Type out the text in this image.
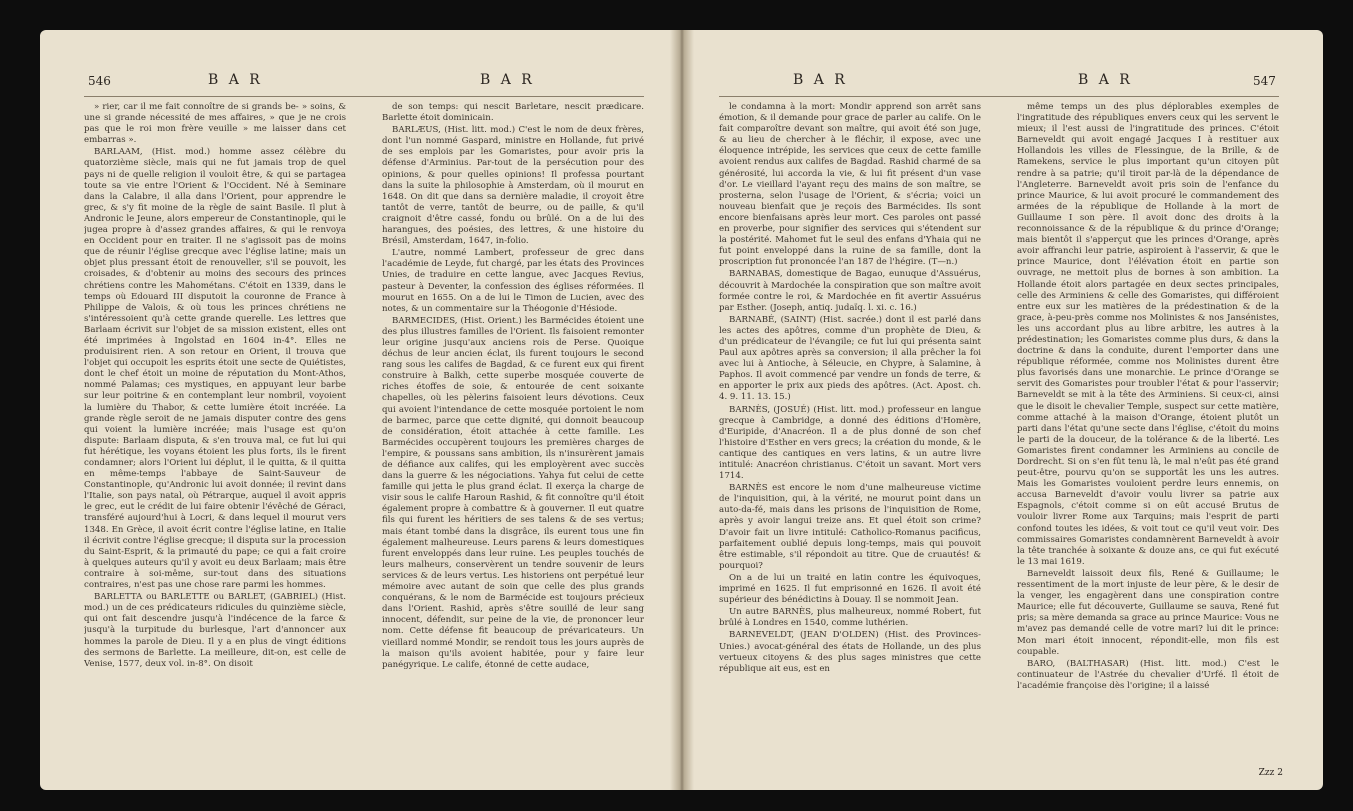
546	B A R	B A R

» rier, car il me fait connoître de si grands be- » soins, & une si grande nécessité de mes affaires, » que je ne crois pas que le roi mon frère veuille » me laisser dans cet embarras ».

BARLAAM, (Hist. mod.) homme assez célèbre du quatorzième siècle, mais qui ne fut jamais trop de quel pays ni de quelle religion il vouloit être, & qui se partagea toute sa vie entre l'Orient & l'Occident. Né à Seminare dans la Calabre, il alla dans l'Orient, pour apprendre le grec, & s'y fit moine de la règle de saint Basile. Il plut à Andronic le Jeune, alors empereur de Constantinople, qui le jugea propre à d'assez grandes affaires, & qui le renvoya en Occident pour en traiter. Il ne s'agissoit pas de moins que de réunir l'église grecque avec l'église latine; mais un objet plus pressant étoit de renouveller, s'il se pouvoit, les croisades, & d'obtenir au moins des secours des princes chrétiens contre les Mahométans. C'étoit en 1339, dans le temps où Edouard III disputoit la couronne de France à Philippe de Valois, & où tous les princes chrétiens ne s'intéressoient qu'à cette grande querelle. Les lettres que Barlaam écrivit sur l'objet de sa mission existent, elles ont été imprimées à Ingolstad en 1604 in-4°. Elles ne produisirent rien. A son retour en Orient, il trouva que l'objet qui occupoit les esprits étoit une secte de Quiétistes, dont le chef étoit un moine de réputation du Mont-Athos, nommé Palamas; ces mystiques, en appuyant leur barbe sur leur poitrine & en contemplant leur nombril, voyoient la lumière du Thabor, & cette lumière étoit incréée. La grande règle seroit de ne jamais disputer contre des gens qui voient la lumière incréée; mais l'usage est qu'on dispute: Barlaam disputa, & s'en trouva mal, ce fut lui qui fut hérétique, les voyans étoient les plus forts, ils le firent condamner; alors l'Orient lui déplut, il le quitta, & il quitta en même-temps l'abbaye de Saint-Sauveur de Constantinople, qu'Andronic lui avoit donnée; il revint dans l'Italie, son pays natal, où Pétrarque, auquel il avoit appris le grec, eut le crédit de lui faire obtenir l'évêché de Géraci, transféré aujourd'hui à Locri, & dans lequel il mourut vers 1348. En Grèce, il avoit écrit contre l'église latine, en Italie il écrivit contre l'église grecque; il disputa sur la procession du Saint-Esprit, & la primauté du pape; ce qui a fait croire à quelques auteurs qu'il y avoit eu deux Barlaam; mais être contraire à soi-même, sur-tout dans des situations contraires, n'est pas une chose rare parmi les hommes.

BARLETTA ou BARLETTE ou BARLET, (GABRIEL) (Hist. mod.) un de ces prédicateurs ridicules du quinzième siècle, qui ont fait descendre jusqu'à l'indécence de la farce & jusqu'à la turpitude du burlesque, l'art d'annoncer aux hommes la parole de Dieu. Il y a en plus de vingt éditions des sermons de Barlette. La meilleure, dit-on, est celle de Venise, 1577, deux vol. in-8°. On disoit

de son temps: qui nescit Barletare, nescit prædicare. Barlette étoit dominicain.

BARLÆUS, (Hist. litt. mod.) C'est le nom de deux frères, dont l'un nommé Gaspard, ministre en Hollande, fut privé de ses emplois par les Gomaristes, pour avoir pris la défense d'Arminius. Par-tout de la persécution pour des opinions, & pour quelles opinions! Il professa pourtant dans la suite la philosophie à Amsterdam, où il mourut en 1648. On dit que dans sa dernière maladie, il croyoit être tantôt de verre, tantôt de beurre, ou de paille, & qu'il craignoit d'être cassé, fondu ou brûlé. On a de lui des harangues, des poésies, des lettres, & une histoire du Brésil, Amsterdam, 1647, in-folio.

L'autre, nommé Lambert, professeur de grec dans l'académie de Leyde, fut chargé, par les états des Provinces Unies, de traduire en cette langue, avec Jacques Revius, pasteur à Deventer, la confession des églises réformées. Il mourut en 1655. On a de lui le Timon de Lucien, avec des notes, & un commentaire sur la Théogonie d'Hésiode.

BARMECIDES, (Hist. Orient.) les Barmécides étoient une des plus illustres familles de l'Orient. Ils faisoient remonter leur origine jusqu'aux anciens rois de Perse. Quoique déchus de leur ancien éclat, ils furent toujours le second rang sous les califes de Bagdad, & ce furent eux qui firent construire à Balkh, cette superbe mosquée couverte de riches étoffes de soie, & entourée de cent soixante chapelles, où les pèlerins faisoient leurs dévotions. Ceux qui avoient l'intendance de cette mosquée portoient le nom de barmec, parce que cette dignité, qui donnoit beaucoup de considération, étoit attachée à cette famille. Les Barmécides occupèrent toujours les premières charges de l'empire, & poussans sans ambition, ils n'insurèrent jamais de défiance aux califes, qui les employèrent avec succès dans la guerre & les négociations. Yahya fut celui de cette famille qui jetta le plus grand éclat. Il exerça la charge de visir sous le calife Haroun Rashid, & fit connoître qu'il étoit également propre à combattre & à gouverner. Il eut quatre fils qui furent les héritiers de ses talens & de ses vertus; mais étant tombé dans la disgrâce, ils eurent tous une fin également malheureuse. Leurs parens & leurs domestiques furent enveloppés dans leur ruine. Les peuples touchés de leurs malheurs, conservèrent un tendre souvenir de leurs services & de leurs vertus. Les historiens ont perpétué leur mémoire avec autant de soin que celle des plus grands conquérans, & le nom de Barmécide est toujours précieux dans l'Orient. Rashid, après s'être souillé de leur sang innocent, défendit, sur peine de la vie, de prononcer leur nom. Cette défense fit beaucoup de prévaricateurs. Un vieillard nommé Mondir, se rendoit tous les jours auprès de la maison qu'ils avoient habitée, pour y faire leur panégyrique. Le calife, étonné de cette audace,

B A R	B A R	547

le condamna à la mort: Mondir apprend son arrêt sans émotion, & il demande pour grace de parler au calife. On le fait comparoître devant son maître, qui avoit été son juge, & au lieu de chercher à le fléchir, il expose, avec une éloquence intrépide, les services que ceux de cette famille avoient rendus aux califes de Bagdad. Rashid charmé de sa générosité, lui accorda la vie, & lui fit présent d'un vase d'or. Le vieillard l'ayant reçu des mains de son maître, se prosterna, selon l'usage de l'Orient, & s'écria; voici un nouveau bienfait que je reçois des Barmécides. Ils sont encore bienfaisans après leur mort. Ces paroles ont passé en proverbe, pour signifier des services qui s'étendent sur la postérité. Mahomet fut le seul des enfans d'Yhaia qui ne fut point enveloppé dans la ruine de sa famille, dont la proscription fut prononcée l'an 187 de l'hégire. (T—n.)

BARNABAS, domestique de Bagao, eunuque d'Assuérus, découvrit à Mardochée la conspiration que son maître avoit formée contre le roi, & Mardochée en fit avertir Assuérus par Esther. (Joseph, antiq. judaïq. l. xi. c. 16.)

BARNABÉ, (SAINT) (Hist. sacrée.) dont il est parlé dans les actes des apôtres, comme d'un prophète de Dieu, & d'un prédicateur de l'évangile; ce fut lui qui présenta saint Paul aux apôtres après sa conversion; il alla prêcher la foi avec lui à Antioche, à Séleucie, en Chypre, à Salamine, à Paphos. Il avoit commencé par vendre un fonds de terre, & en apporter le prix aux pieds des apôtres. (Act. Apost. ch. 4. 9. 11. 13. 15.)

BARNÈS, (JOSUÉ) (Hist. litt. mod.) professeur en langue grecque à Cambridge, a donné des éditions d'Homère, d'Euripide, d'Anacréon. Il a de plus donné de son chef l'histoire d'Esther en vers grecs; la création du monde, & le cantique des cantiques en vers latins, & un autre livre intitulé: Anacréon christianus. C'étoit un savant. Mort vers 1714.

BARNÈS est encore le nom d'une malheureuse victime de l'inquisition, qui, à la vérité, ne mourut point dans un auto-da-fé, mais dans les prisons de l'inquisition de Rome, après y avoir langui treize ans. Et quel étoit son crime? D'avoir fait un livre intitulé: Catholico-Romanus pacificus, parfaitement oublié depuis long-temps, mais qui pouvoit être estimable, s'il répondoit au titre. Que de cruautés! & pourquoi?

On a de lui un traité en latin contre les équivoques, imprimé en 1625. Il fut emprisonné en 1626. Il avoit été supérieur des bénédictins à Douay. Il se nommoit Jean.

Un autre BARNÈS, plus malheureux, nommé Robert, fut brûlé à Londres en 1540, comme luthérien.

BARNEVELDT, (JEAN D'OLDEN) (Hist. des Provinces-Unies.) avocat-général des états de Hollande, un des plus vertueux citoyens & des plus sages ministres que cette république ait eus, est en

même temps un des plus déplorables exemples de l'ingratitude des républiques envers ceux qui les servent le mieux; il l'est aussi de l'ingratitude des princes. C'étoit Barneveldt qui avoit engagé Jacques I à restituer aux Hollandois les villes de Flessingue, de la Brille, & de Ramekens, service le plus important qu'un citoyen pût rendre à sa patrie; qu'il tiroit par-là de la dépendance de l'Angleterre. Barneveldt avoit pris soin de l'enfance du prince Maurice, & lui avoit procuré le commandement des armées de la république de Hollande à la mort de Guillaume I son père. Il avoit donc des droits à la reconnoissance & de la république & du prince d'Orange; mais bientôt il s'apperçut que les princes d'Orange, après avoir affranchi leur patrie, aspiroient à l'asservir, & que le prince Maurice, dont l'élévation étoit en partie son ouvrage, ne mettoit plus de bornes à son ambition. La Hollande étoit alors partagée en deux sectes principales, celle des Arminiens & celle des Gomaristes, qui différoient entre eux sur les matières de la prédestination & de la grace, à-peu-près comme nos Molinistes & nos Jansénistes, les uns accordant plus au libre arbitre, les autres à la prédestination; les Gomaristes comme plus durs, & dans la doctrine & dans la conduite, durent l'emporter dans une république réformée, comme nos Molinistes durent être plus favorisés dans une monarchie. Le prince d'Orange se servit des Gomaristes pour troubler l'état & pour l'asservir; Barneveldt se mit à la tête des Arminiens. Si ceux-ci, ainsi que le disoit le chevalier Temple, suspect sur cette matière, comme attaché à la maison d'Orange, étoient plutôt un parti dans l'état qu'une secte dans l'église, c'étoit du moins le parti de la douceur, de la tolérance & de la liberté. Les Gomaristes firent condamner les Arminiens au concile de Dordrecht. Si on s'en fût tenu là, le mal n'eût pas été grand peut-être, pourvu qu'on se supportât les uns les autres. Mais les Gomaristes vouloient perdre leurs ennemis, on accusa Barneveldt d'avoir voulu livrer sa patrie aux Espagnols, c'étoit comme si on eût accusé Brutus de vouloir livrer Rome aux Tarquins; mais l'esprit de parti confond toutes les idées, & voit tout ce qu'il veut voir. Des commissaires Gomaristes condamnèrent Barneveldt à avoir la tête tranchée à soixante & douze ans, ce qui fut exécuté le 13 mai 1619.

Barneveldt laissoit deux fils, René & Guillaume; le ressentiment de la mort injuste de leur père, & le desir de la venger, les engagèrent dans une conspiration contre Maurice; elle fut découverte, Guillaume se sauva, René fut pris; sa mère demanda sa grace au prince Maurice: Vous ne m'avez pas demandé celle de votre mari? lui dit le prince: Mon mari étoit innocent, répondit-elle, mon fils est coupable.

BARO, (BALTHASAR) (Hist. litt. mod.) C'est le continuateur de l'Astrée du chevalier d'Urfé. Il étoit de l'académie françoise dès l'origine; il a laissé

Zzz 2
